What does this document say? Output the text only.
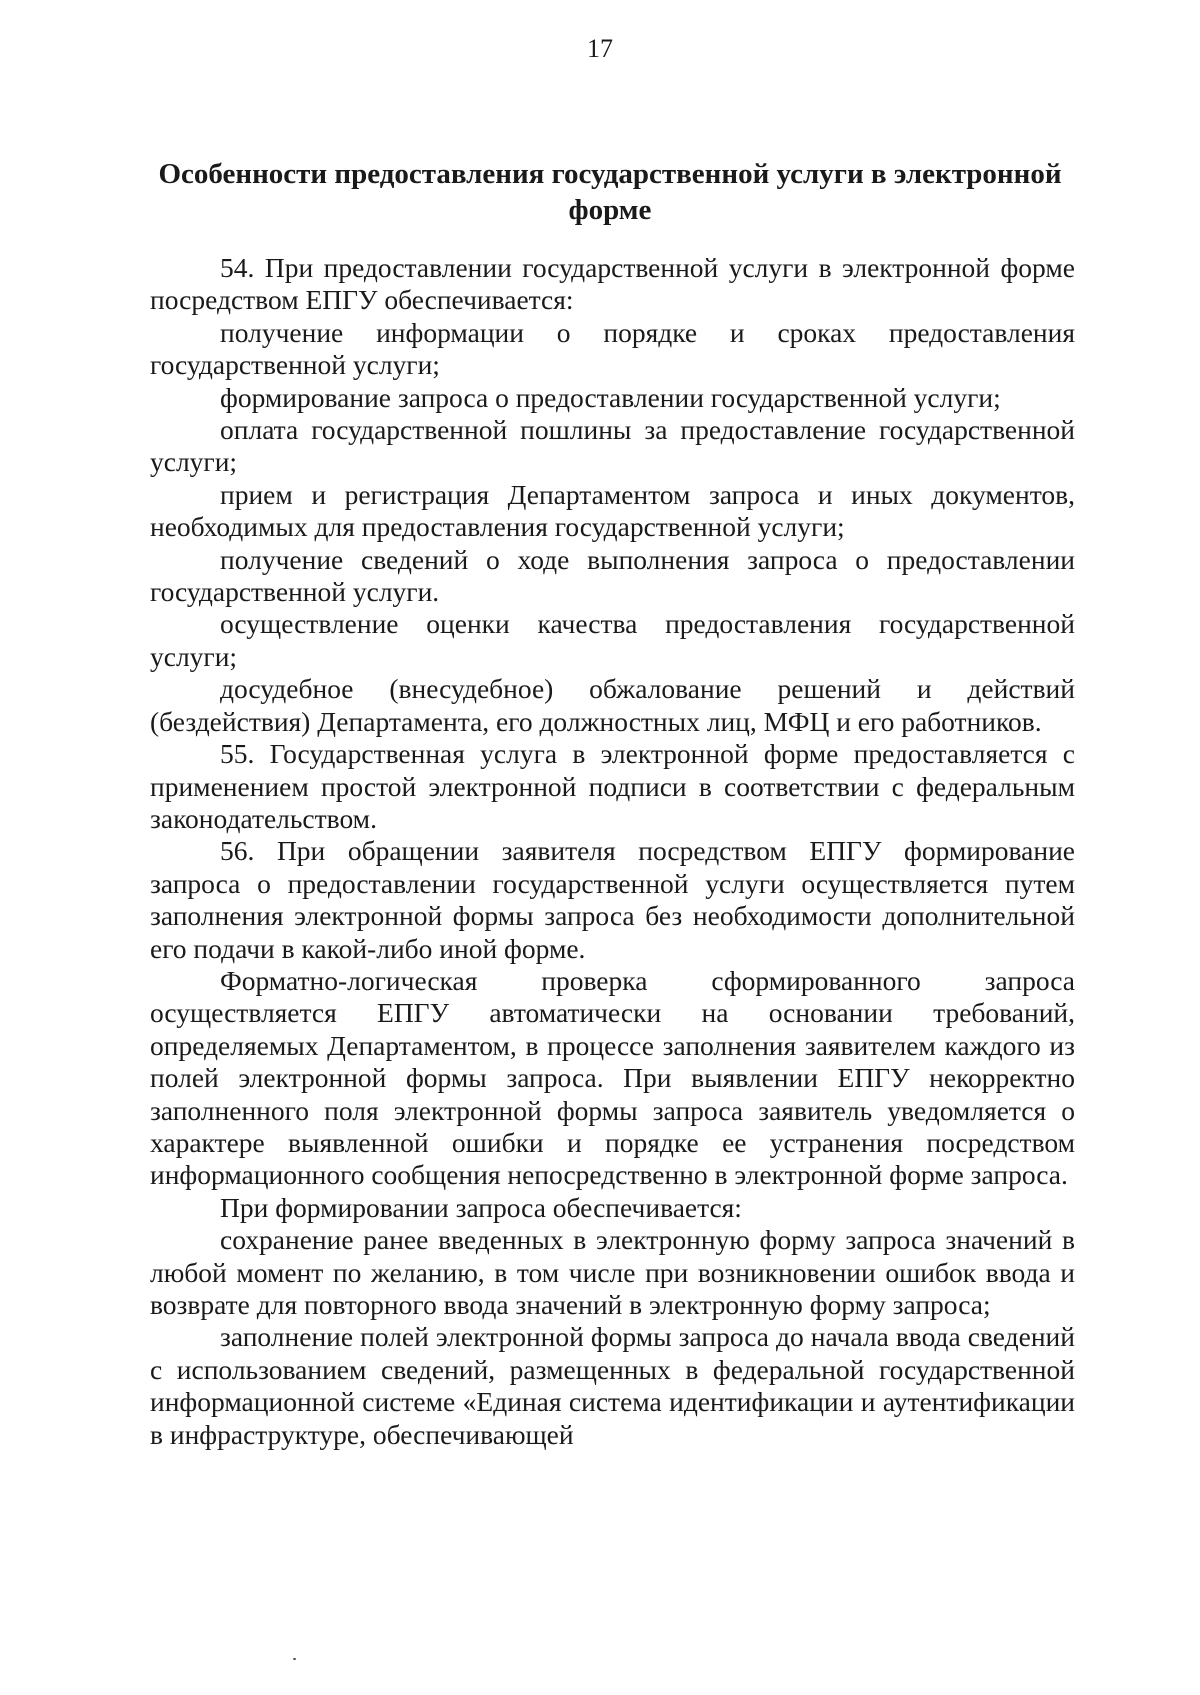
17
Особенности предоставления государственной услуги в электронной форме

54. При предоставлении государственной услуги в электронной форме посредством ЕПГУ обеспечивается:

получение информации о порядке и сроках предоставления государственной услуги;

формирование запроса о предоставлении государственной услуги;

оплата государственной пошлины за предоставление государственной услуги;

прием и регистрация Департаментом запроса и иных документов, необходимых для предоставления государственной услуги;

получение сведений о ходе выполнения запроса о предоставлении государственной услуги.

осуществление оценки качества предоставления государственной услуги;

досудебное (внесудебное) обжалование решений и действий (бездействия) Департамента, его должностных лиц, МФЦ и его работников.

55. Государственная услуга в электронной форме предоставляется с применением простой электронной подписи в соответствии с федеральным законодательством.

56. При обращении заявителя посредством ЕПГУ формирование запроса о предоставлении государственной услуги осуществляется путем заполнения электронной формы запроса без необходимости дополнительной его подачи в какой-либо иной форме.

Форматно-логическая проверка сформированного запроса осуществляется ЕПГУ автоматически на основании требований, определяемых Департаментом, в процессе заполнения заявителем каждого из полей электронной формы запроса. При выявлении ЕПГУ некорректно заполненного поля электронной формы запроса заявитель уведомляется о характере выявленной ошибки и порядке ее устранения посредством информационного сообщения непосредственно в электронной форме запроса.

При формировании запроса обеспечивается:

сохранение ранее введенных в электронную форму запроса значений в любой момент по желанию, в том числе при возникновении ошибок ввода и возврате для повторного ввода значений в электронную форму запроса;

заполнение полей электронной формы запроса до начала ввода сведений с использованием сведений, размещенных в федеральной государственной информационной системе «Единая система идентификации и аутентификации в инфраструктуре, обеспечивающей
